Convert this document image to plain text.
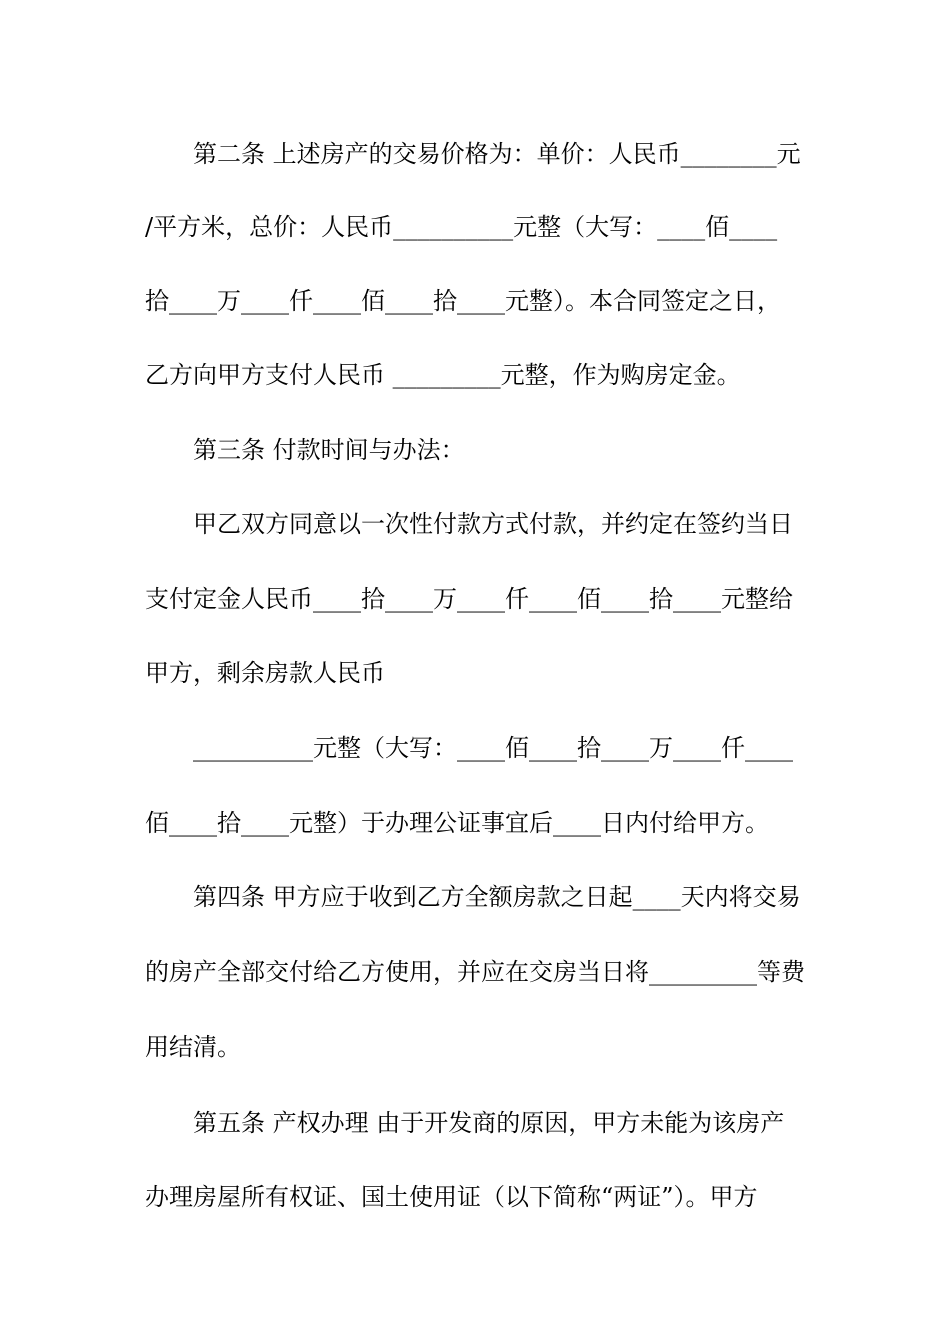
　　第二条 上述房产的交易价格为：单价：人民币________元
/平方米，总价：人民币__________元整（大写：____佰____
拾____万____仟____佰____拾____元整）。本合同签定之日，
乙方向甲方支付人民币 _________元整，作为购房定金。
　　第三条 付款时间与办法：
　　甲乙双方同意以一次性付款方式付款，并约定在签约当日
支付定金人民币____拾____万____仟____佰____拾____元整给
甲方，剩余房款人民币
　　__________元整（大写：____佰____拾____万____仟____
佰____拾____元整）于办理公证事宜后____日内付给甲方。
　　第四条 甲方应于收到乙方全额房款之日起____天内将交易
的房产全部交付给乙方使用，并应在交房当日将_________等费
用结清。
　　第五条 产权办理 由于开发商的原因，甲方未能为该房产
办理房屋所有权证、国土使用证（以下简称“两证”）。甲方
